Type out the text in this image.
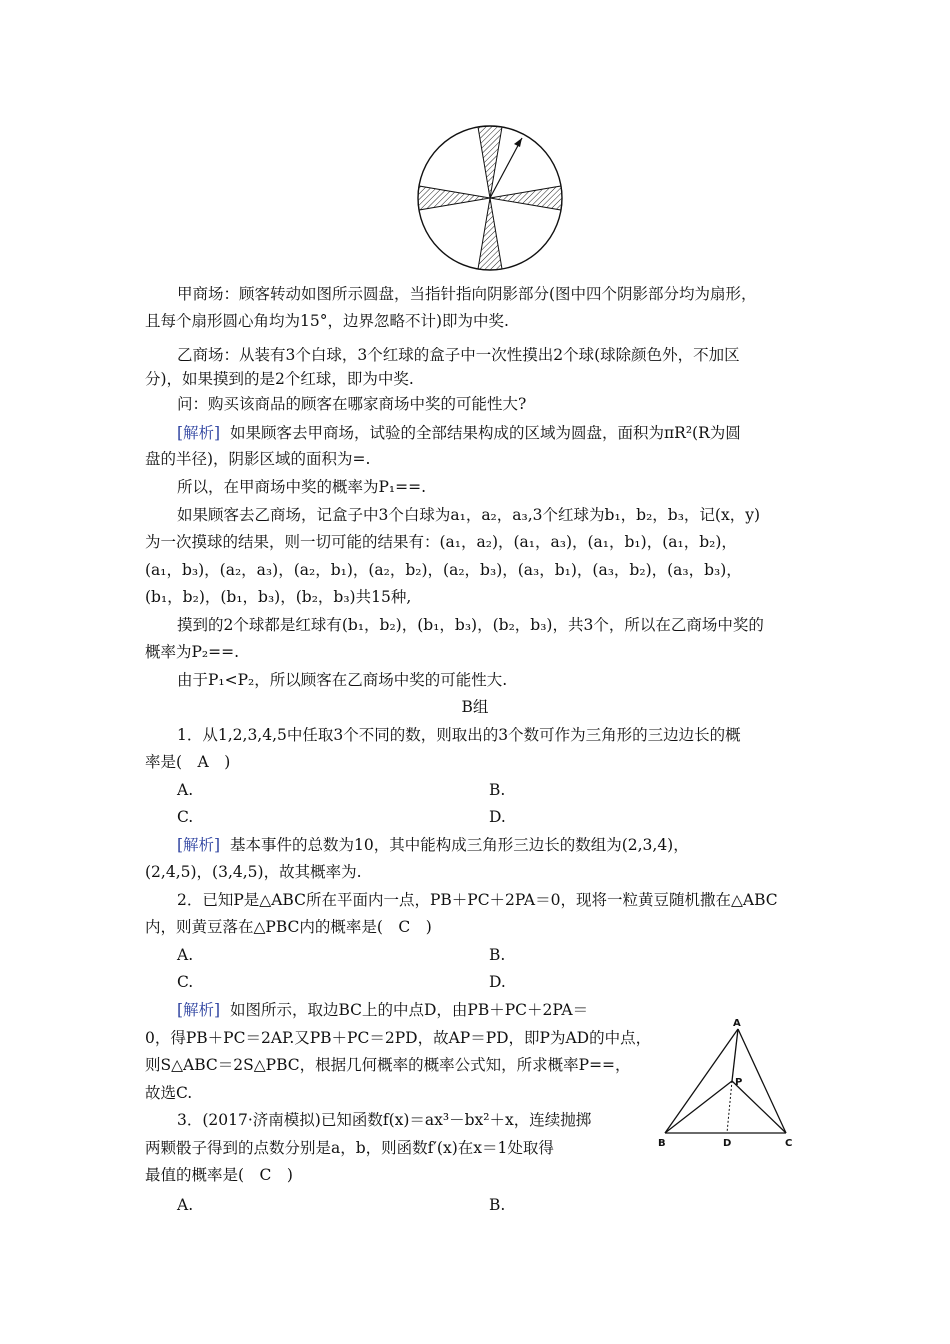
甲商场：顾客转动如图所示圆盘，当指针指向阴影部分(图中四个阴影部分均为扇形，
且每个扇形圆心角均为15°，边界忽略不计)即为中奖.
乙商场：从装有3个白球，3个红球的盒子中一次性摸出2个球(球除颜色外，不加区
分)，如果摸到的是2个红球，即为中奖.
问：购买该商品的顾客在哪家商场中奖的可能性大?
[解析] 如果顾客去甲商场，试验的全部结果构成的区域为圆盘，面积为πR²(R为圆
盘的半径)，阴影区域的面积为=.
所以，在甲商场中奖的概率为P₁==.
如果顾客去乙商场，记盒子中3个白球为a₁，a₂，a₃,3个红球为b₁，b₂，b₃，记(x，y)
为一次摸球的结果，则一切可能的结果有：(a₁，a₂)，(a₁，a₃)，(a₁，b₁)，(a₁，b₂)，
(a₁，b₃)，(a₂，a₃)，(a₂，b₁)，(a₂，b₂)，(a₂，b₃)，(a₃，b₁)，(a₃，b₂)，(a₃，b₃)，
(b₁，b₂)，(b₁，b₃)，(b₂，b₃)共15种,
摸到的2个球都是红球有(b₁，b₂)，(b₁，b₃)，(b₂，b₃)，共3个，所以在乙商场中奖的
概率为P₂==.
由于P₁<P₂，所以顾客在乙商场中奖的可能性大.
B组
1．从1,2,3,4,5中任取3个不同的数，则取出的3个数可作为三角形的三边边长的概
率是(　A　)
A.	B.
C.	D.
[解析] 基本事件的总数为10，其中能构成三角形三边长的数组为(2,3,4)，
(2,4,5)，(3,4,5)，故其概率为.
2．已知P是△ABC所在平面内一点，PB＋PC＋2PA＝0，现将一粒黄豆随机撒在△ABC
内，则黄豆落在△PBC内的概率是(　C　)
A.	B.
C.	D.
[解析] 如图所示，取边BC上的中点D，由PB＋PC＋2PA＝
0，得PB＋PC＝2AP.又PB＋PC＝2PD，故AP＝PD，即P为AD的中点，
则S△ABC＝2S△PBC，根据几何概率的概率公式知，所求概率P==，
故选C.
3．(2017·济南模拟)已知函数f(x)＝ax³－bx²＋x，连续抛掷
两颗骰子得到的点数分别是a，b，则函数f′(x)在x＝1处取得
最值的概率是(　C　)
A.	B.
A
B	C
D
P
